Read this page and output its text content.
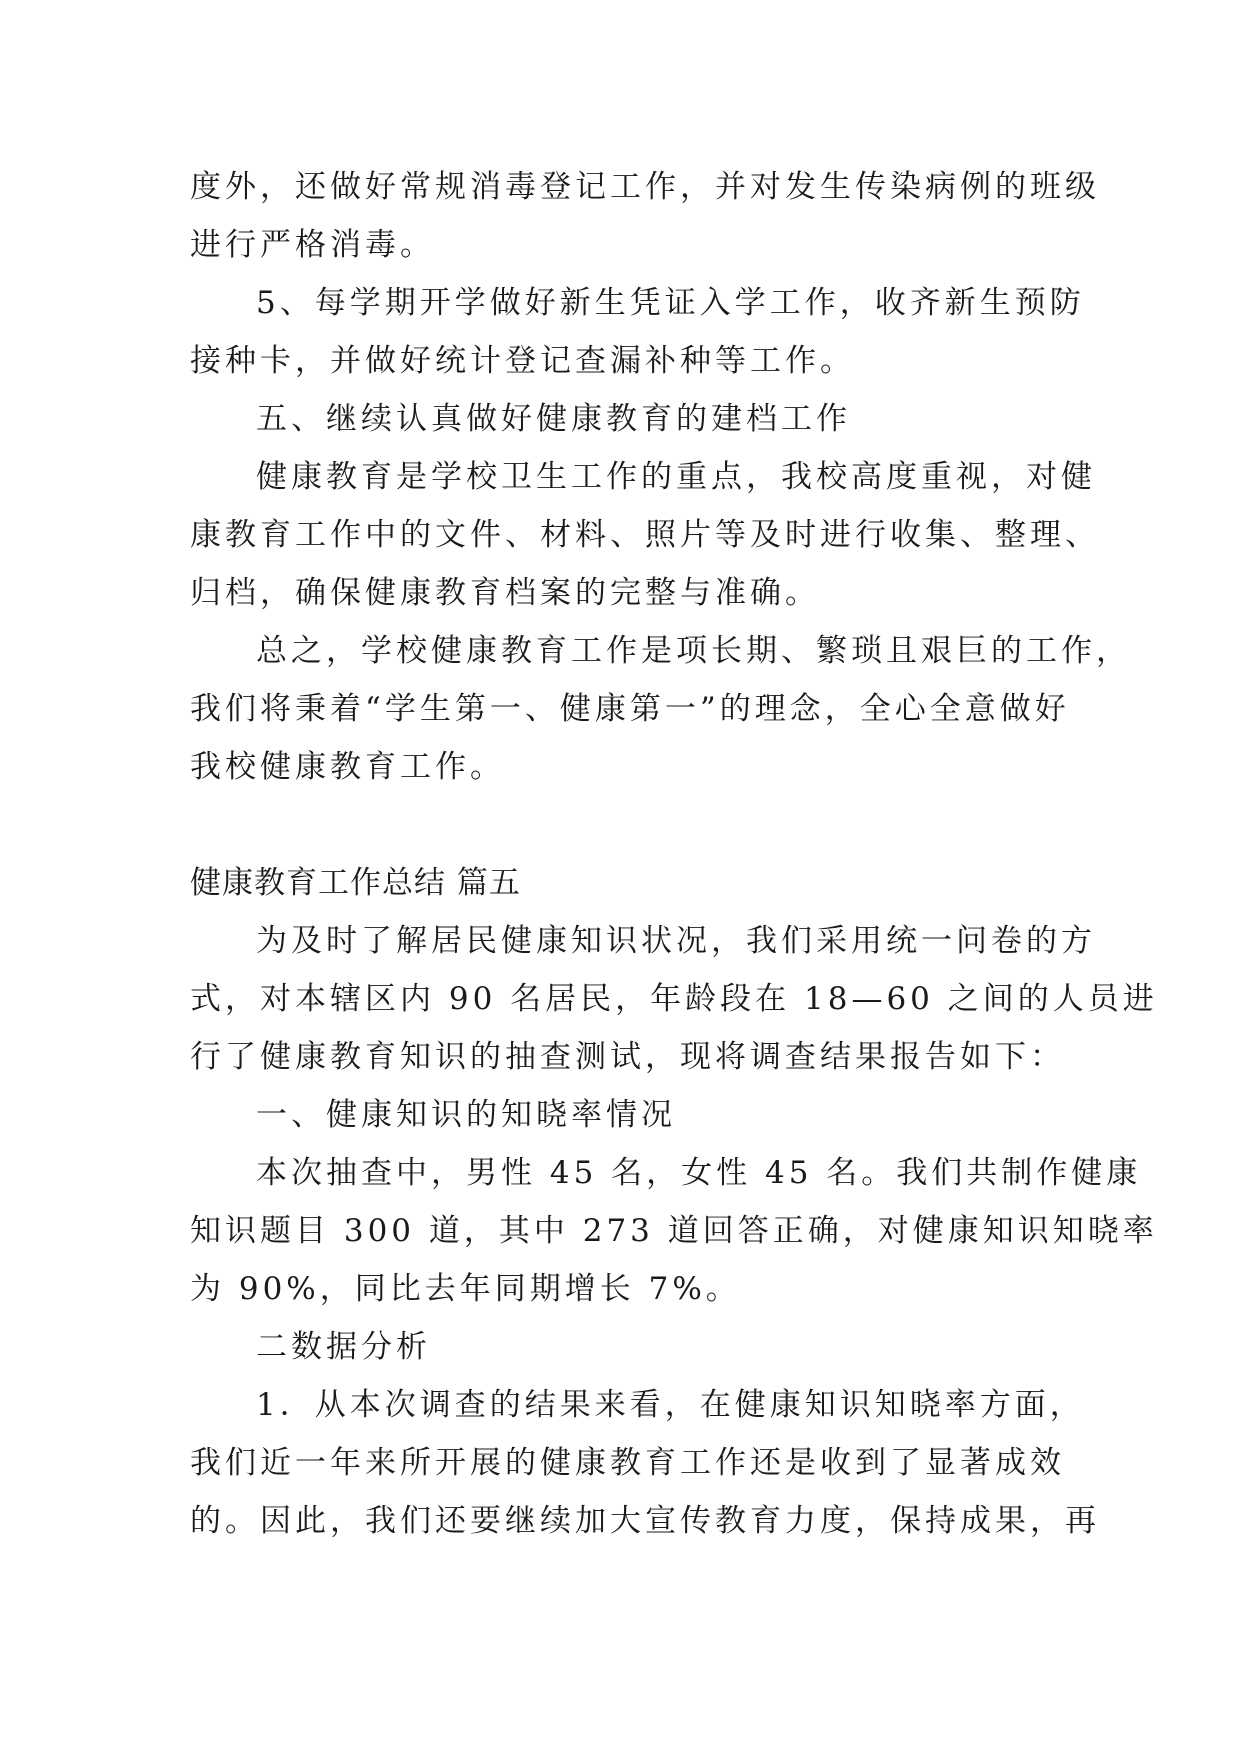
度外，还做好常规消毒登记工作，并对发生传染病例的班级
进行严格消毒。
5、每学期开学做好新生凭证入学工作，收齐新生预防
接种卡，并做好统计登记查漏补种等工作。
五、继续认真做好健康教育的建档工作
健康教育是学校卫生工作的重点，我校高度重视，对健
康教育工作中的文件、材料、照片等及时进行收集、整理、
归档，确保健康教育档案的完整与准确。
总之，学校健康教育工作是项长期、繁琐且艰巨的工作，
我们将秉着“学生第一、健康第一”的理念，全心全意做好
我校健康教育工作。
健康教育工作总结 篇五
为及时了解居民健康知识状况，我们采用统一问卷的方
式，对本辖区内 90 名居民，年龄段在 18—60 之间的人员进
行了健康教育知识的抽查测试，现将调查结果报告如下：
一、健康知识的知晓率情况
本次抽查中，男性 45 名，女性 45 名。我们共制作健康
知识题目 300 道，其中 273 道回答正确，对健康知识知晓率
为 90%，同比去年同期增长 7%。
二数据分析
1．从本次调查的结果来看，在健康知识知晓率方面，
我们近一年来所开展的健康教育工作还是收到了显著成效
的。因此，我们还要继续加大宣传教育力度，保持成果，再
